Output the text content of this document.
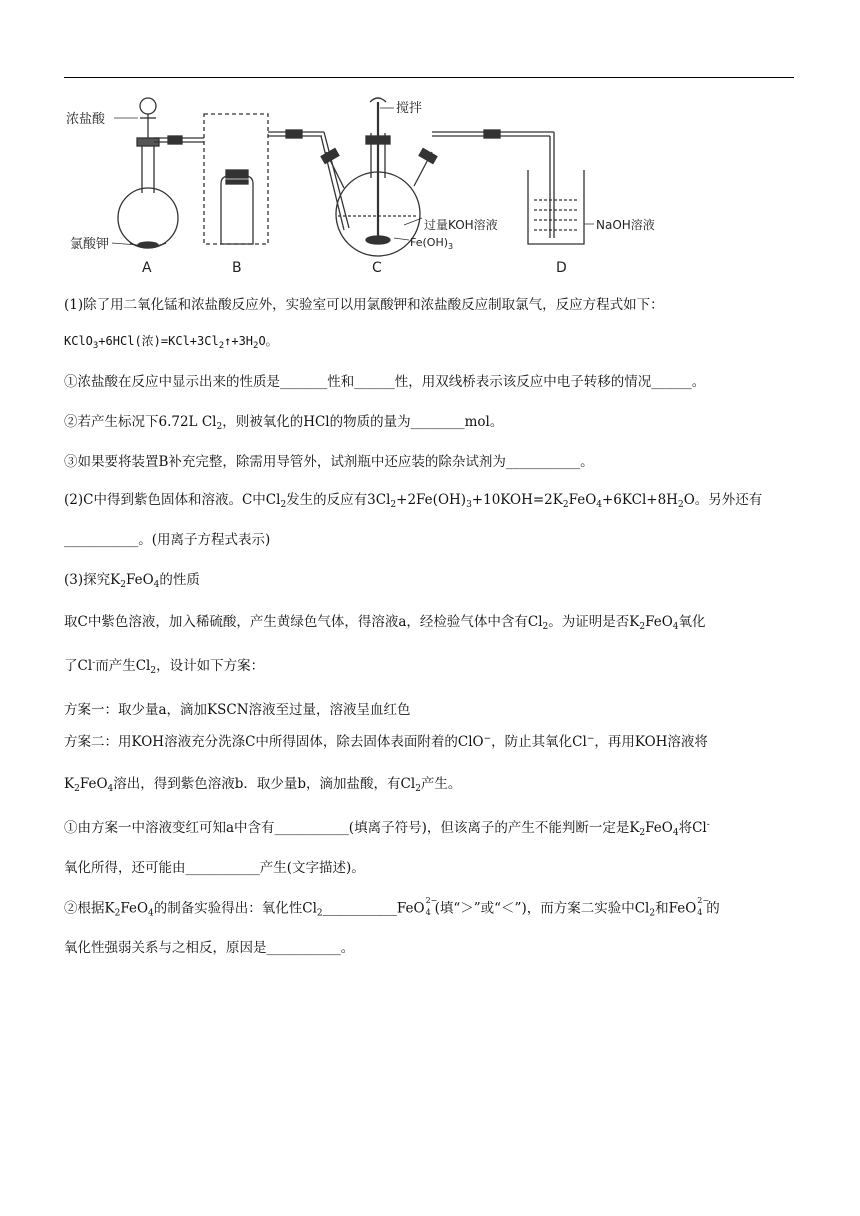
浓盐酸
氯酸钾
搅拌
过量KOH溶液
$Fe(OH)_3$
NaOH溶液
A	B	C	D
(1)除了用二氧化锰和浓盐酸反应外，实验室可以用氯酸钾和浓盐酸反应制取氯气，反应方程式如下：
KClO$_3$+6HCl(浓)$=KCl+3Cl_2↑+3H_2O$。
①浓盐酸在反应中显示出来的性质是_______性和______性，用双线桥表示该反应中电子转移的情况______。
②若产生标况下6.72L $Cl_2$，则被氧化的HCl的物质的量为________mol。
③如果要将装置B补充完整，除需用导管外，试剂瓶中还应装的除杂试剂为___________。
(2)C中得到紫色固体和溶液。C中$Cl_2$发生的反应有$3Cl_2+2Fe(OH)_3+10KOH=2K_2FeO_4+6KCl+8H_2O$。另外还有
___________。(用离子方程式表示)
(3)探究$K_2FeO_4$的性质
取C中紫色溶液，加入稀硫酸，产生黄绿色气体，得溶液a，经检验气体中含有$Cl_2$。为证明是否$K_2FeO_4$氧化
了Cl-而产生$Cl_2$，设计如下方案：
方案一：取少量a，滴加KSCN溶液至过量，溶液呈血红色
方案二：用KOH溶液充分洗涤C中所得固体，除去固体表面附着的ClO−，防止其氧化Cl−，再用KOH溶液将
$K_2FeO_4$溶出，得到紫色溶液b．取少量b，滴加盐酸，有$Cl_2$产生。
①由方案一中溶液变红可知a中含有___________(填离子符号)，但该离子的产生不能判断一定是$K_2FeO_4$将Cl-
氧化所得，还可能由___________产生(文字描述)。
②根据$K_2FeO_4$的制备实验得出：氧化性$Cl_2\_\_\_\_\_\_\_\_\_\_\_FeO$ 2−
4 (填“＞”或“＜”)，而方案二实验中$Cl_2$和FeO 2−
4 的
氧化性强弱关系与之相反，原因是___________。
